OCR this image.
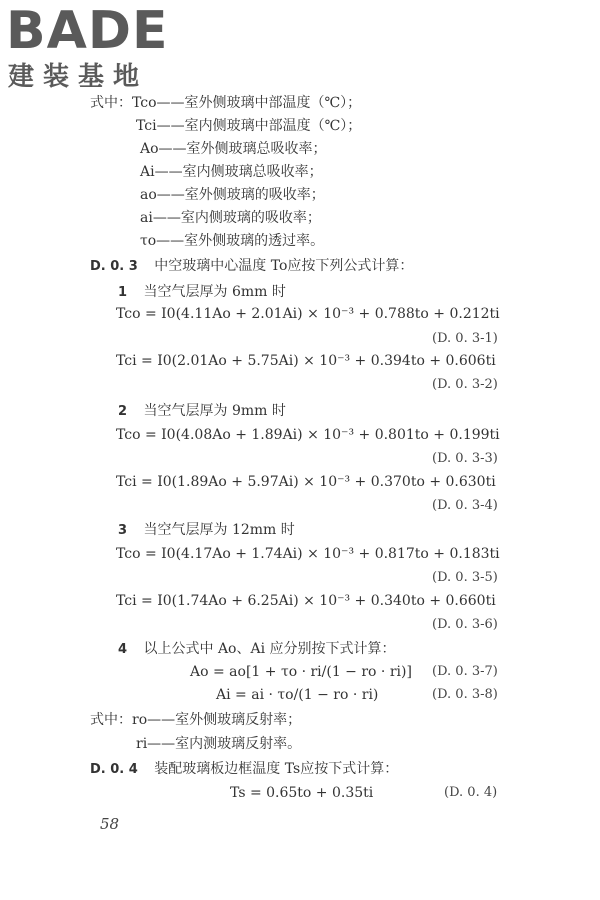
BADE
建装基地
式中：Tco——室外侧玻璃中部温度（℃）；
Tci——室内侧玻璃中部温度（℃）；
Ao——室外侧玻璃总吸收率；
Ai——室内侧玻璃总吸收率；
ao——室外侧玻璃的吸收率；
ai——室内侧玻璃的吸收率；
τo——室外侧玻璃的透过率。
D. 0. 3 中空玻璃中心温度 To应按下列公式计算：
1 当空气层厚为 6mm 时
Tco = I0(4.11Ao + 2.01Ai) × 10⁻³ + 0.788to + 0.212ti
(D. 0. 3-1)
Tci = I0(2.01Ao + 5.75Ai) × 10⁻³ + 0.394to + 0.606ti
(D. 0. 3-2)
2 当空气层厚为 9mm 时
Tco = I0(4.08Ao + 1.89Ai) × 10⁻³ + 0.801to + 0.199ti
(D. 0. 3-3)
Tci = I0(1.89Ao + 5.97Ai) × 10⁻³ + 0.370to + 0.630ti
(D. 0. 3-4)
3 当空气层厚为 12mm 时
Tco = I0(4.17Ao + 1.74Ai) × 10⁻³ + 0.817to + 0.183ti
(D. 0. 3-5)
Tci = I0(1.74Ao + 6.25Ai) × 10⁻³ + 0.340to + 0.660ti
(D. 0. 3-6)
4 以上公式中 Ao、Ai 应分别按下式计算：
Ao = ao[1 + τo · ri/(1 − ro · ri)] (D. 0. 3-7)
Ai = ai · τo/(1 − ro · ri)	(D. 0. 3-8)
式中：ro——室外侧玻璃反射率；
ri——室内测玻璃反射率。
D. 0. 4 装配玻璃板边框温度 Ts应按下式计算：
Ts = 0.65to + 0.35ti	(D. 0. 4)
58
